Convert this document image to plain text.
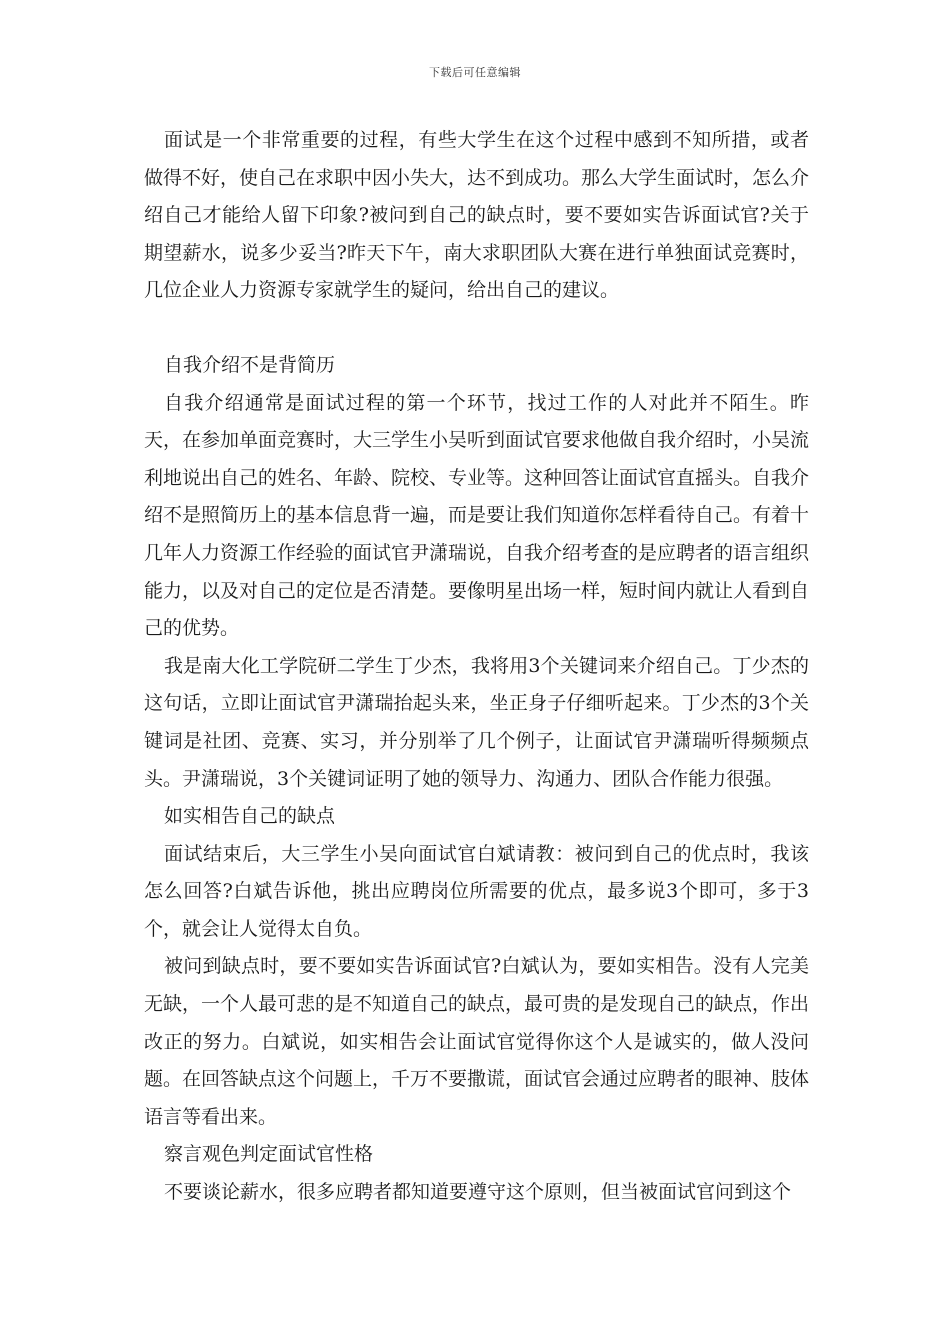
下载后可任意编辑

面试是一个非常重要的过程，有些大学生在这个过程中感到不知所措，或者做得不好，使自己在求职中因小失大，达不到成功。那么大学生面试时，怎么介绍自己才能给人留下印象?被问到自己的缺点时，要不要如实告诉面试官?关于期望薪水，说多少妥当?昨天下午，南大求职团队大赛在进行单独面试竞赛时，几位企业人力资源专家就学生的疑问，给出自己的建议。

自我介绍不是背简历

自我介绍通常是面试过程的第一个环节，找过工作的人对此并不陌生。昨天，在参加单面竞赛时，大三学生小吴听到面试官要求他做自我介绍时，小吴流利地说出自己的姓名、年龄、院校、专业等。这种回答让面试官直摇头。自我介绍不是照简历上的基本信息背一遍，而是要让我们知道你怎样看待自己。有着十几年人力资源工作经验的面试官尹潇瑞说，自我介绍考查的是应聘者的语言组织能力，以及对自己的定位是否清楚。要像明星出场一样，短时间内就让人看到自己的优势。

我是南大化工学院研二学生丁少杰，我将用3个关键词来介绍自己。丁少杰的这句话，立即让面试官尹潇瑞抬起头来，坐正身子仔细听起来。丁少杰的3个关键词是社团、竞赛、实习，并分别举了几个例子，让面试官尹潇瑞听得频频点头。尹潇瑞说，3个关键词证明了她的领导力、沟通力、团队合作能力很强。

如实相告自己的缺点

面试结束后，大三学生小吴向面试官白斌请教：被问到自己的优点时，我该怎么回答?白斌告诉他，挑出应聘岗位所需要的优点，最多说3个即可，多于3个，就会让人觉得太自负。

被问到缺点时，要不要如实告诉面试官?白斌认为，要如实相告。没有人完美无缺，一个人最可悲的是不知道自己的缺点，最可贵的是发现自己的缺点，作出改正的努力。白斌说，如实相告会让面试官觉得你这个人是诚实的，做人没问题。在回答缺点这个问题上，千万不要撒谎，面试官会通过应聘者的眼神、肢体语言等看出来。

察言观色判定面试官性格

不要谈论薪水，很多应聘者都知道要遵守这个原则，但当被面试官问到这个
